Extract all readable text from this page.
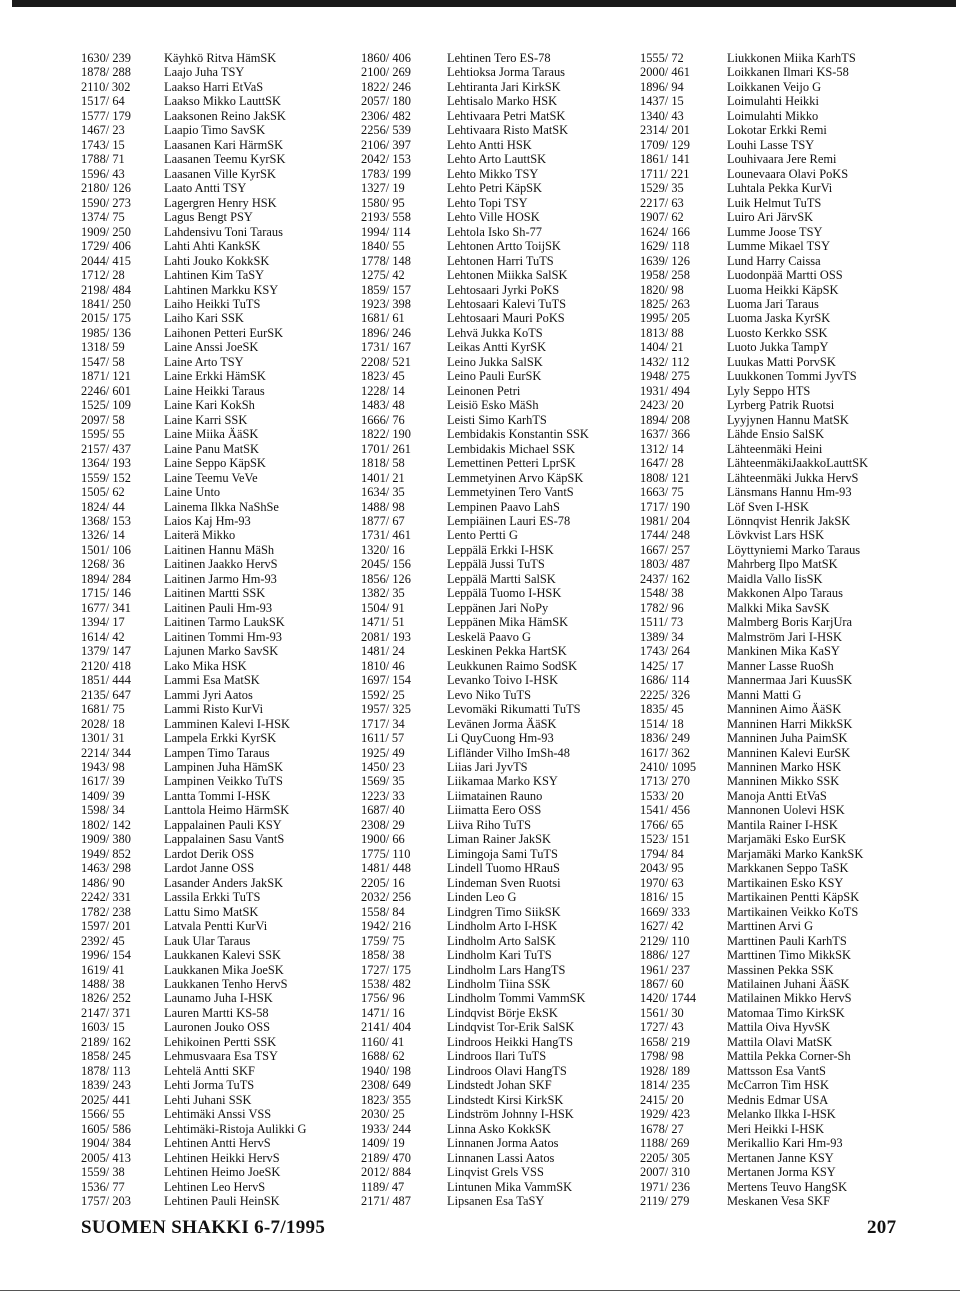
1630/ 239	Käyhkö Ritva HämSK
1878/ 288	Laajo Juha TSY
2110/ 302	Laakso Harri EtVaS
1517/ 64	Laakso Mikko LauttSK
1577/ 179	Laaksonen Reino JakSK
1467/ 23	Laapio Timo SavSK
1743/ 15	Laasanen Kari HärmSK
1788/ 71	Laasanen Teemu KyrSK
1596/ 43	Laasanen Ville KyrSK
2180/ 126	Laato Antti TSY
1590/ 273	Lagergren Henry HSK
1374/ 75	Lagus Bengt PSY
1909/ 250	Lahdensivu Toni Taraus
1729/ 406	Lahti Ahti KankSK
2044/ 415	Lahti Jouko KokkSK
1712/ 28	Lahtinen Kim TaSY
2198/ 484	Lahtinen Markku KSY
1841/ 250	Laiho Heikki TuTS
2015/ 175	Laiho Kari SSK
1985/ 136	Laihonen Petteri EurSK
1318/ 59	Laine Anssi JoeSK
1547/ 58	Laine Arto TSY
1871/ 121	Laine Erkki HämSK
2246/ 601	Laine Heikki Taraus
1525/ 109	Laine Kari KokSh
2097/ 58	Laine Karri SSK
1595/ 55	Laine Miika ÄäSK
2157/ 437	Laine Panu MatSK
1364/ 193	Laine Seppo KäpSK
1559/ 152	Laine Teemu VeVe
1505/ 62	Laine Unto
1824/ 44	Lainema Ilkka NaShSe
1368/ 153	Laios Kaj Hm-93
1326/ 14	Laiterä Mikko
1501/ 106	Laitinen Hannu MäSh
1268/ 36	Laitinen Jaakko HervS
1894/ 284	Laitinen Jarmo Hm-93
1715/ 146	Laitinen Martti SSK
1677/ 341	Laitinen Pauli Hm-93
1394/ 17	Laitinen Tarmo LaukSK
1614/ 42	Laitinen Tommi Hm-93
1379/ 147	Lajunen Marko SavSK
2120/ 418	Lako Mika HSK
1851/ 444	Lammi Esa MatSK
2135/ 647	Lammi Jyri Aatos
1681/ 75	Lammi Risto KurVi
2028/ 18	Lamminen Kalevi I-HSK
1301/ 31	Lampela Erkki KyrSK
2214/ 344	Lampen Timo Taraus
1943/ 98	Lampinen Juha HämSK
1617/ 39	Lampinen Veikko TuTS
1409/ 39	Lantta Tommi I-HSK
1598/ 34	Lanttola Heimo HärmSK
1802/ 142	Lappalainen Pauli KSY
1909/ 380	Lappalainen Sasu VantS
1949/ 852	Lardot Derik OSS
1463/ 298	Lardot Janne OSS
1486/ 90	Lasander Anders JakSK
2242/ 331	Lassila Erkki TuTS
1782/ 238	Lattu Simo MatSK
1597/ 201	Latvala Pentti KurVi
2392/ 45	Lauk Ular Taraus
1996/ 154	Laukkanen Kalevi SSK
1619/ 41	Laukkanen Mika JoeSK
1488/ 38	Laukkanen Tenho HervS
1826/ 252	Launamo Juha I-HSK
2147/ 371	Lauren Martti KS-58
1603/ 15	Lauronen Jouko OSS
2189/ 162	Lehikoinen Pertti SSK
1858/ 245	Lehmusvaara Esa TSY
1878/ 113	Lehtelä Antti SKF
1839/ 243	Lehti Jorma TuTS
2025/ 441	Lehti Juhani SSK
1566/ 55	Lehtimäki Anssi VSS
1605/ 586	Lehtimäki-Ristoja Aulikki G
1904/ 384	Lehtinen Antti HervS
2005/ 413	Lehtinen Heikki HervS
1559/ 38	Lehtinen Heimo JoeSK
1536/ 77	Lehtinen Leo HervS
1757/ 203	Lehtinen Pauli HeinSK
1860/ 406	Lehtinen Tero ES-78
2100/ 269	Lehtioksa Jorma Taraus
1822/ 246	Lehtiranta Jari KirkSK
2057/ 180	Lehtisalo Marko HSK
2306/ 482	Lehtivaara Petri MatSK
2256/ 539	Lehtivaara Risto MatSK
2106/ 397	Lehto Antti HSK
2042/ 153	Lehto Arto LauttSK
1783/ 199	Lehto Mikko TSY
1327/ 19	Lehto Petri KäpSK
1580/ 95	Lehto Topi TSY
2193/ 558	Lehto Ville HOSK
1994/ 114	Lehtola Isko Sh-77
1840/ 55	Lehtonen Artto ToijSK
1778/ 148	Lehtonen Harri TuTS
1275/ 42	Lehtonen Miikka SalSK
1859/ 157	Lehtosaari Jyrki PoKS
1923/ 398	Lehtosaari Kalevi TuTS
1681/ 61	Lehtosaari Mauri PoKS
1896/ 246	Lehvä Jukka KoTS
1731/ 167	Leikas Antti KyrSK
2208/ 521	Leino Jukka SalSK
1823/ 45	Leino Pauli EurSK
1228/ 14	Leinonen Petri
1483/ 48	Leisiö Esko MäSh
1666/ 76	Leisti Simo KarhTS
1822/ 190	Lembidakis Konstantin SSK
1701/ 261	Lembidakis Michael SSK
1818/ 58	Lemettinen Petteri LprSK
1401/ 21	Lemmetyinen Arvo KäpSK
1634/ 35	Lemmetyinen Tero VantS
1488/ 98	Lempinen Paavo LahS
1877/ 67	Lempiäinen Lauri ES-78
1731/ 461	Lento Pertti G
1320/ 16	Leppälä Erkki I-HSK
2045/ 156	Leppälä Jussi TuTS
1856/ 126	Leppälä Martti SalSK
1382/ 35	Leppälä Tuomo I-HSK
1504/ 91	Leppänen Jari NoPy
1471/ 51	Leppänen Mika HämSK
2081/ 193	Leskelä Paavo G
1481/ 24	Leskinen Pekka HartSK
1810/ 46	Leukkunen Raimo SodSK
1697/ 154	Levanko Toivo I-HSK
1592/ 25	Levo Niko TuTS
1957/ 325	Levomäki Rikumatti TuTS
1717/ 34	Levänen Jorma ÄäSK
1611/ 57	Li QuyCuong Hm-93
1925/ 49	Lifländer Vilho ImSh-48
1450/ 23	Liias Jari JyvTS
1569/ 35	Liikamaa Marko KSY
1223/ 33	Liimatainen Rauno
1687/ 40	Liimatta Eero OSS
2308/ 29	Liiva Riho TuTS
1900/ 66	Liman Rainer JakSK
1775/ 110	Limingoja Sami TuTS
1481/ 448	Lindell Tuomo HRauS
2205/ 16	Lindeman Sven Ruotsi
2032/ 256	Linden Leo G
1558/ 84	Lindgren Timo SiikSK
1942/ 216	Lindholm Arto I-HSK
1759/ 75	Lindholm Arto SalSK
1858/ 38	Lindholm Kari TuTS
1727/ 175	Lindholm Lars HangTS
1538/ 482	Lindholm Tiina SSK
1756/ 96	Lindholm Tommi VammSK
1471/ 16	Lindqvist Börje EkSK
2141/ 404	Lindqvist Tor-Erik SalSK
1160/ 41	Lindroos Heikki HangTS
1688/ 62	Lindroos Ilari TuTS
1940/ 198	Lindroos Olavi HangTS
2308/ 649	Lindstedt Johan SKF
1823/ 355	Lindstedt Kirsi KirkSK
2030/ 25	Lindström Johnny I-HSK
1933/ 244	Linna Asko KokkSK
1409/ 19	Linnanen Jorma Aatos
2189/ 470	Linnanen Lassi Aatos
2012/ 884	Linqvist Grels VSS
1189/ 47	Lintunen Mika VammSK
2171/ 487	Lipsanen Esa TaSY
1555/ 72	Liukkonen Miika KarhTS
2000/ 461	Loikkanen Ilmari KS-58
1896/ 94	Loikkanen Veijo G
1437/ 15	Loimulahti Heikki
1340/ 43	Loimulahti Mikko
2314/ 201	Lokotar Erkki Remi
1709/ 129	Louhi Lasse TSY
1861/ 141	Louhivaara Jere Remi
1711/ 221	Lounevaara Olavi PoKS
1529/ 35	Luhtala Pekka KurVi
2217/ 63	Luik Helmut TuTS
1907/ 62	Luiro Ari JärvSK
1624/ 166	Lumme Joose TSY
1629/ 118	Lumme Mikael TSY
1639/ 126	Lund Harry Caissa
1958/ 258	Luodonpää Martti OSS
1820/ 98	Luoma Heikki KäpSK
1825/ 263	Luoma Jari Taraus
1995/ 205	Luoma Jaska KyrSK
1813/ 88	Luosto Kerkko SSK
1404/ 21	Luoto Jukka TampY
1432/ 112	Luukas Matti PorvSK
1948/ 275	Luukkonen Tommi JyvTS
1931/ 494	Lyly Seppo HTS
2423/ 20	Lyrberg Patrik Ruotsi
1894/ 208	Lyyjynen Hannu MatSK
1637/ 366	Lähde Ensio SalSK
1312/ 14	Lähteenmäki Heini
1647/ 28	LähteenmäkiJaakkoLauttSK
1808/ 121	Lähteenmäki Jukka HervS
1663/ 75	Länsmans Hannu Hm-93
1717/ 190	Löf Sven I-HSK
1981/ 204	Lönnqvist Henrik JakSK
1744/ 248	Lövkvist Lars HSK
1667/ 257	Löyttyniemi Marko Taraus
1803/ 487	Mahrberg Ilpo MatSK
2437/ 162	Maidla Vallo IisSK
1548/ 38	Makkonen Alpo Taraus
1782/ 96	Malkki Mika SavSK
1511/ 73	Malmberg Boris KarjUra
1389/ 34	Malmström Jari I-HSK
1743/ 264	Mankinen Mika KaSY
1425/ 17	Manner Lasse RuoSh
1686/ 114	Mannermaa Jari KuusSK
2225/ 326	Manni Matti G
1835/ 45	Manninen Aimo ÄäSK
1514/ 18	Manninen Harri MikkSK
1836/ 249	Manninen Juha PaimSK
1617/ 362	Manninen Kalevi EurSK
2410/ 1095 Manninen Marko HSK
1713/ 270	Manninen Mikko SSK
1533/ 20	Manoja Antti EtVaS
1541/ 456	Mannonen Uolevi HSK
1766/ 65	Mantila Rainer I-HSK
1523/ 151	Marjamäki Esko EurSK
1794/ 84	Marjamäki Marko KankSK
2043/ 95	Markkanen Seppo TaSK
1970/ 63	Martikainen Esko KSY
1816/ 15	Martikainen Pentti KäpSK
1669/ 333	Martikainen Veikko KoTS
1627/ 42	Marttinen Arvi G
2129/ 110	Marttinen Pauli KarhTS
1886/ 127	Marttinen Timo MikkSK
1961/ 237	Massinen Pekka SSK
1867/ 60	Matilainen Juhani ÄäSK
1420/ 1744 Matilainen Mikko HervS
1561/ 30	Matomaa Timo KirkSK
1727/ 43	Mattila Oiva HyvSK
1658/ 219	Mattila Olavi MatSK
1798/ 98	Mattila Pekka Corner-Sh
1928/ 189	Mattsson Esa VantS
1814/ 235	McCarron Tim HSK
2415/ 20	Mednis Edmar USA
1929/ 423	Melanko Ilkka I-HSK
1678/ 27	Meri Heikki I-HSK
1188/ 269	Merikallio Kari Hm-93
2205/ 305	Mertanen Janne KSY
2007/ 310	Mertanen Jorma KSY
1971/ 236	Mertens Teuvo HangSK
2119/ 279	Meskanen Vesa SKF
SUOMEN SHAKKI 6-7/1995	207
